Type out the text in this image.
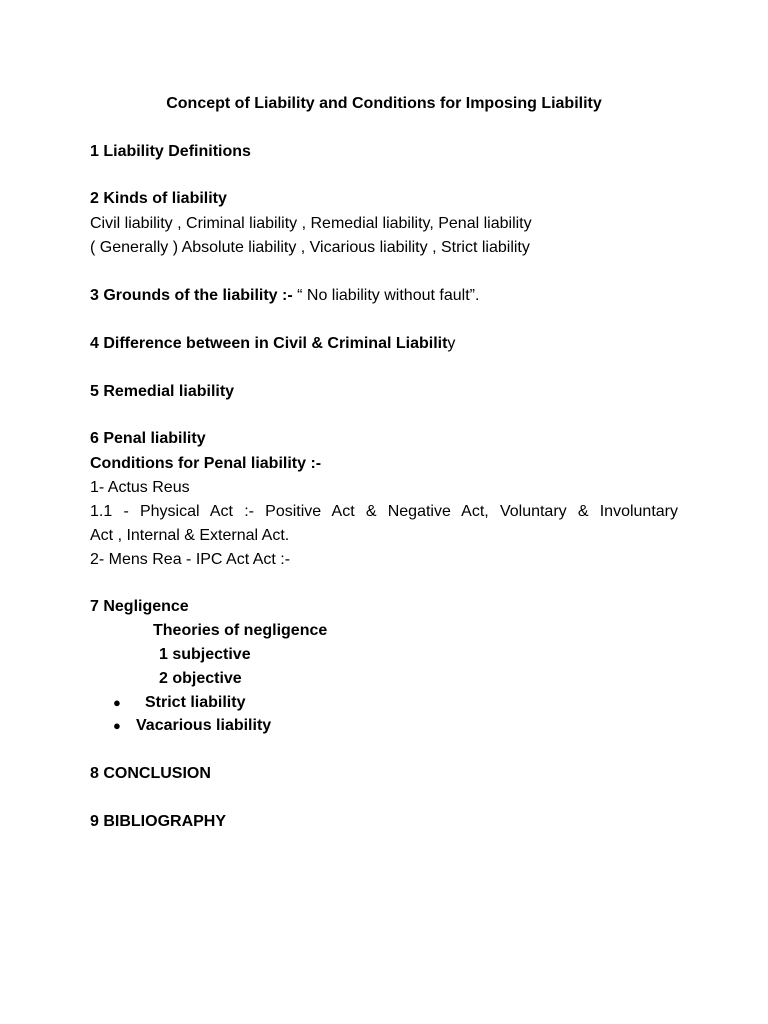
Concept of Liability and Conditions for Imposing Liability
1 Liability Definitions
2 Kinds of liability
Civil liability , Criminal liability , Remedial liability, Penal liability
( Generally ) Absolute liability , Vicarious liability , Strict liability
3 Grounds of the liability :- “ No liability without fault”.
4 Difference between in Civil & Criminal Liability
5 Remedial liability
6 Penal liability
Conditions for Penal liability :-
1- Actus Reus
1.1 - Physical Act :- Positive Act & Negative Act, Voluntary & Involuntary
Act , Internal & External Act.
2- Mens Rea - IPC Act Act :-
7 Negligence
Theories of negligence
1 subjective
2 objective
● Strict liability
● Vacarious liability
8 CONCLUSION
9 BIBLIOGRAPHY
